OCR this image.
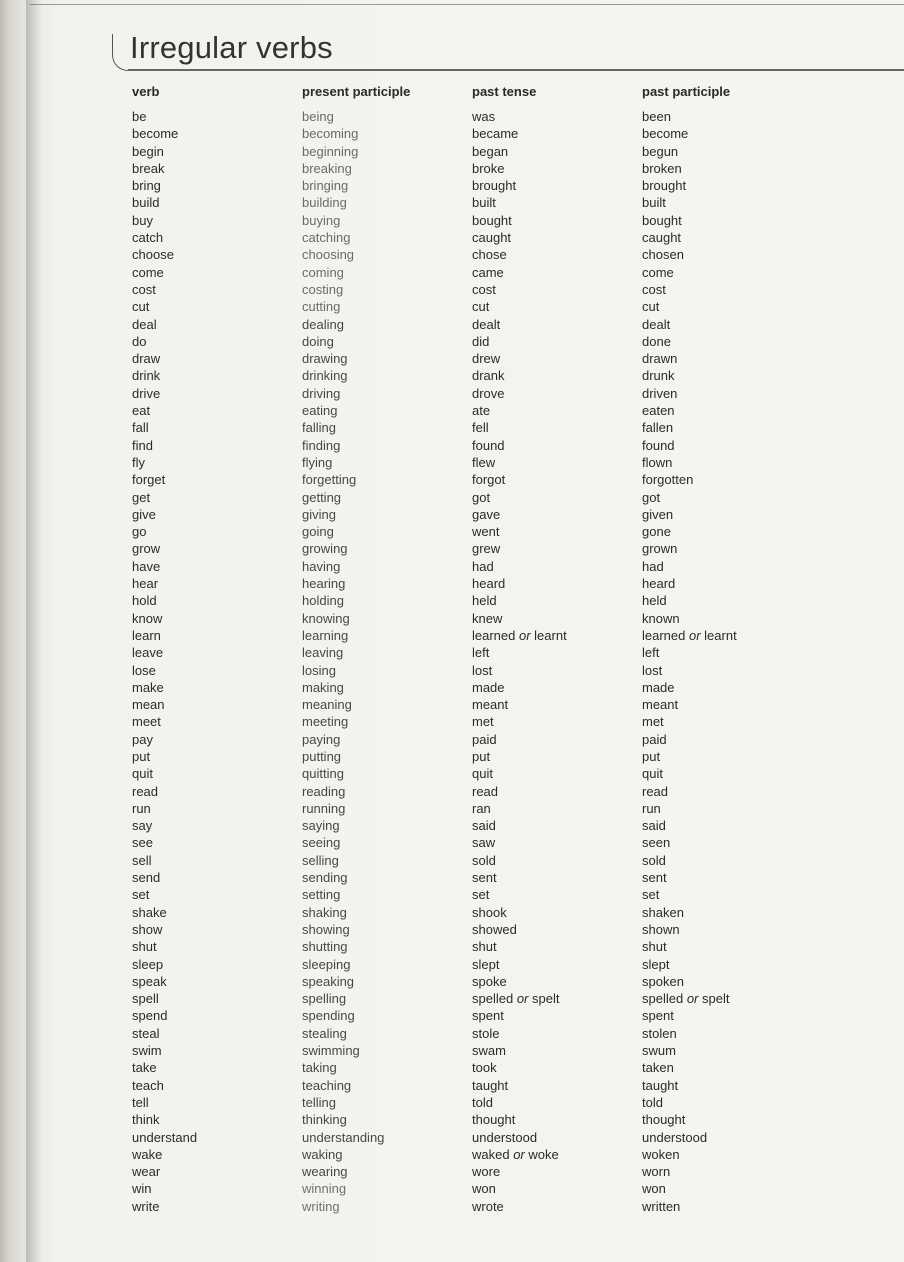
Irregular verbs
verb
be
become
begin
break
bring
build
buy
catch
choose
come
cost
cut
deal
do
draw
drink
drive
eat
fall
find
fly
forget
get
give
go
grow
have
hear
hold
know
learn
leave
lose
make
mean
meet
pay
put
quit
read
run
say
see
sell
send
set
shake
show
shut
sleep
speak
spell
spend
steal
swim
take
teach
tell
think
understand
wake
wear
win
write
present participle
being
becoming
beginning
breaking
bringing
building
buying
catching
choosing
coming
costing
cutting
dealing
doing
drawing
drinking
driving
eating
falling
finding
flying
forgetting
getting
giving
going
growing
having
hearing
holding
knowing
learning
leaving
losing
making
meaning
meeting
paying
putting
quitting
reading
running
saying
seeing
selling
sending
setting
shaking
showing
shutting
sleeping
speaking
spelling
spending
stealing
swimming
taking
teaching
telling
thinking
understanding
waking
wearing
winning
writing
past tense
was
became
began
broke
brought
built
bought
caught
chose
came
cost
cut
dealt
did
drew
drank
drove
ate
fell
found
flew
forgot
got
gave
went
grew
had
heard
held
knew
learned or learnt
left
lost
made
meant
met
paid
put
quit
read
ran
said
saw
sold
sent
set
shook
showed
shut
slept
spoke
spelled or spelt
spent
stole
swam
took
taught
told
thought
understood
waked or woke
wore
won
wrote
past participle
been
become
begun
broken
brought
built
bought
caught
chosen
come
cost
cut
dealt
done
drawn
drunk
driven
eaten
fallen
found
flown
forgotten
got
given
gone
grown
had
heard
held
known
learned or learnt
left
lost
made
meant
met
paid
put
quit
read
run
said
seen
sold
sent
set
shaken
shown
shut
slept
spoken
spelled or spelt
spent
stolen
swum
taken
taught
told
thought
understood
woken
worn
won
written
